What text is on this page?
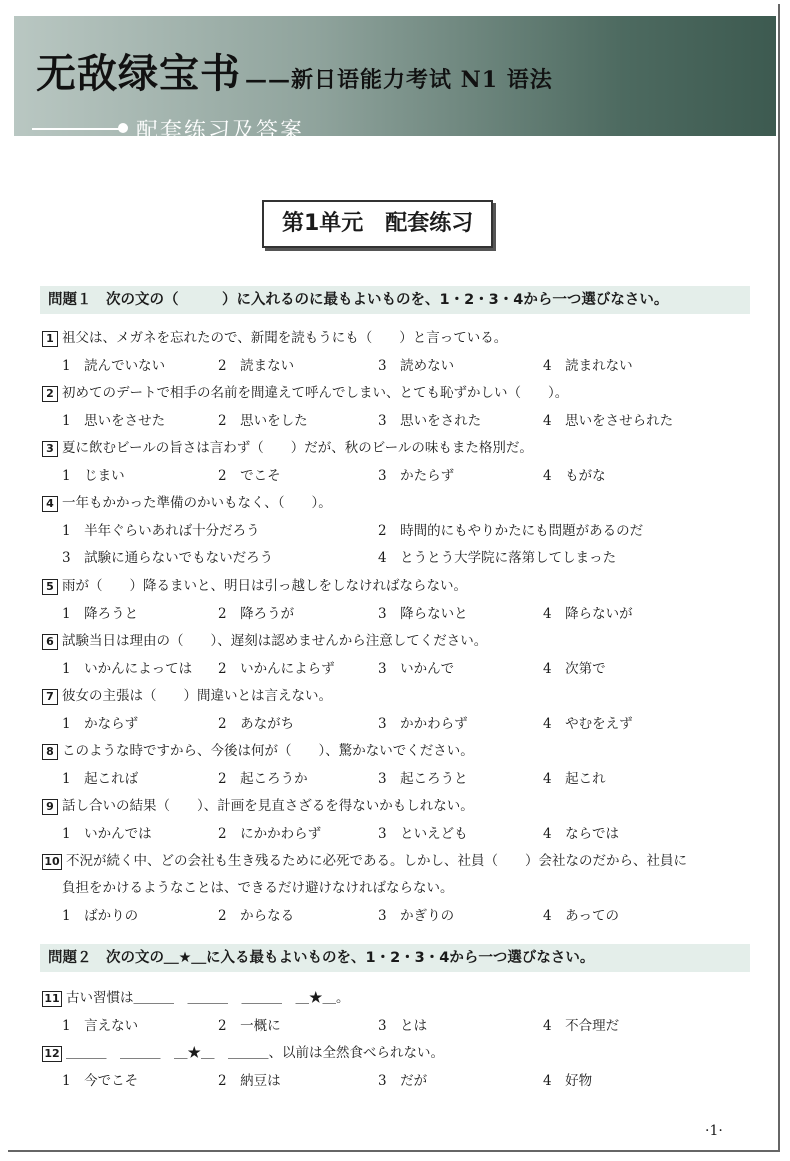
无敌绿宝书 ——新日语能力考试 N1 语法
配套练习及答案
第1单元　配套练习
問題１　次の文の（　　　）に入れるのに最もよいものを、1・2・3・4から一つ選びなさい。
1 祖父は、メガネを忘れたので、新聞を読もうにも（　　）と言っている。
1　読んでいない	2　読まない	3　読めない	4　読まれない
2 初めてのデートで相手の名前を間違えて呼んでしまい、とても恥ずかしい（　　）。
1　思いをさせた	2　思いをした	3　思いをされた	4　思いをさせられた
3 夏に飲むビールの旨さは言わず（　　）だが、秋のビールの味もまた格別だ。
1　じまい	2　でこそ	3　かたらず	4　もがな
4 一年もかかった準備のかいもなく、（　　）。
1　半年ぐらいあれば十分だろう	2　時間的にもやりかたにも問題があるのだ
3　試験に通らないでもないだろう	4　とうとう大学院に落第してしまった
5 雨が（　　）降るまいと、明日は引っ越しをしなければならない。
1　降ろうと	2　降ろうが	3　降らないと	4　降らないが
6 試験当日は理由の（　　）、遅刻は認めませんから注意してください。
1　いかんによっては 2　いかんによらず	3　いかんで	4　次第で
7 彼女の主張は（　　）間違いとは言えない。
1　かならず	2　あながち	3　かかわらず	4　やむをえず
8 このような時ですから、今後は何が（　　）、驚かないでください。
1　起これば	2　起ころうか	3　起ころうと	4　起これ
9 話し合いの結果（　　）、計画を見直さざるを得ないかもしれない。
1　いかんでは	2　にかかわらず	3　といえども	4　ならでは
10 不況が続く中、どの会社も生き残るために必死である。しかし、社員（　　）会社なのだから、社員に
負担をかけるようなことは、できるだけ避けなければならない。
1　ばかりの	2　からなる	3　かぎりの	4　あっての
問題２　次の文の＿★＿に入る最もよいものを、1・2・3・4から一つ選びなさい。
11 古い習慣は＿＿＿　＿＿＿　＿＿＿　＿★＿。
1　言えない	2　一概に	3　とは	4　不合理だ
12 ＿＿＿　＿＿＿　＿★＿　＿＿＿、以前は全然食べられない。
1　今でこそ	2　納豆は	3　だが	4　好物
·1·
